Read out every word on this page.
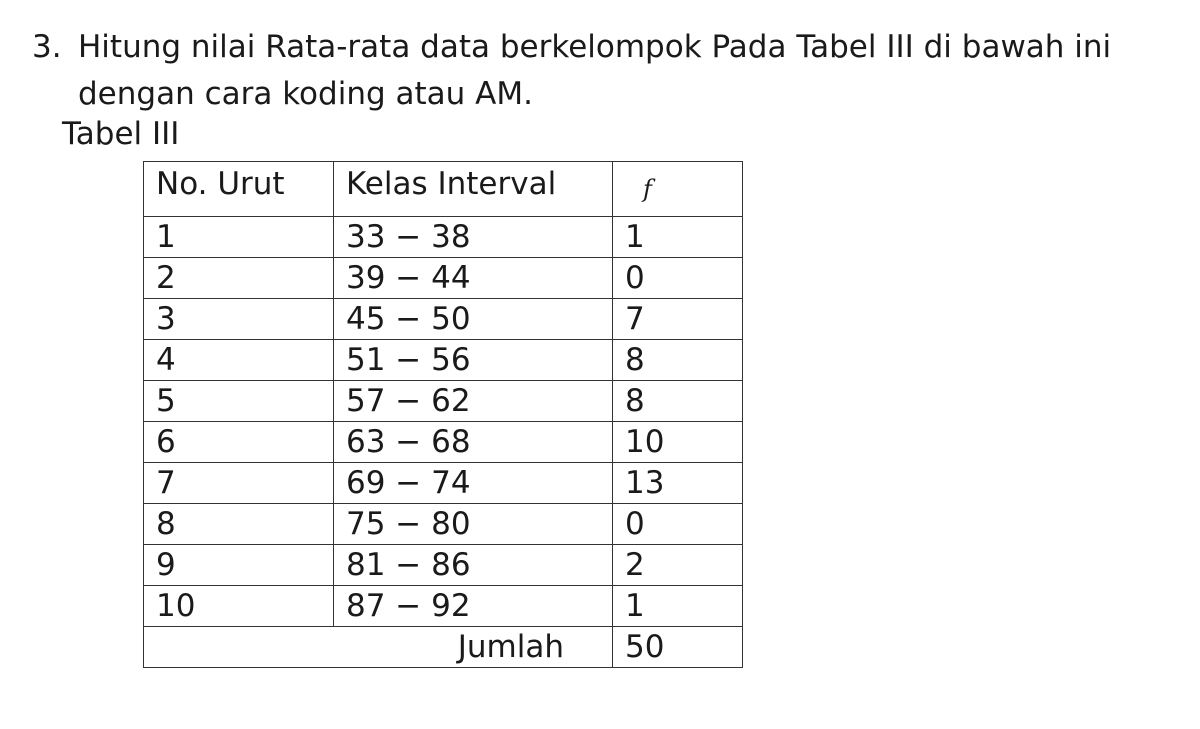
3. Hitung nilai Rata-rata data berkelompok Pada Tabel III di bawah ini
dengan cara koding atau AM.
Tabel III
No. Urut	Kelas Interval	f
1	33 − 38	1
2	39 − 44	0
3	45 − 50	7
4	51 − 56	8
5	57 − 62	8
6	63 − 68	10
7	69 − 74	13
8	75 − 80	0
9	81 − 86	2
10	87 − 92	1
Jumlah		50
